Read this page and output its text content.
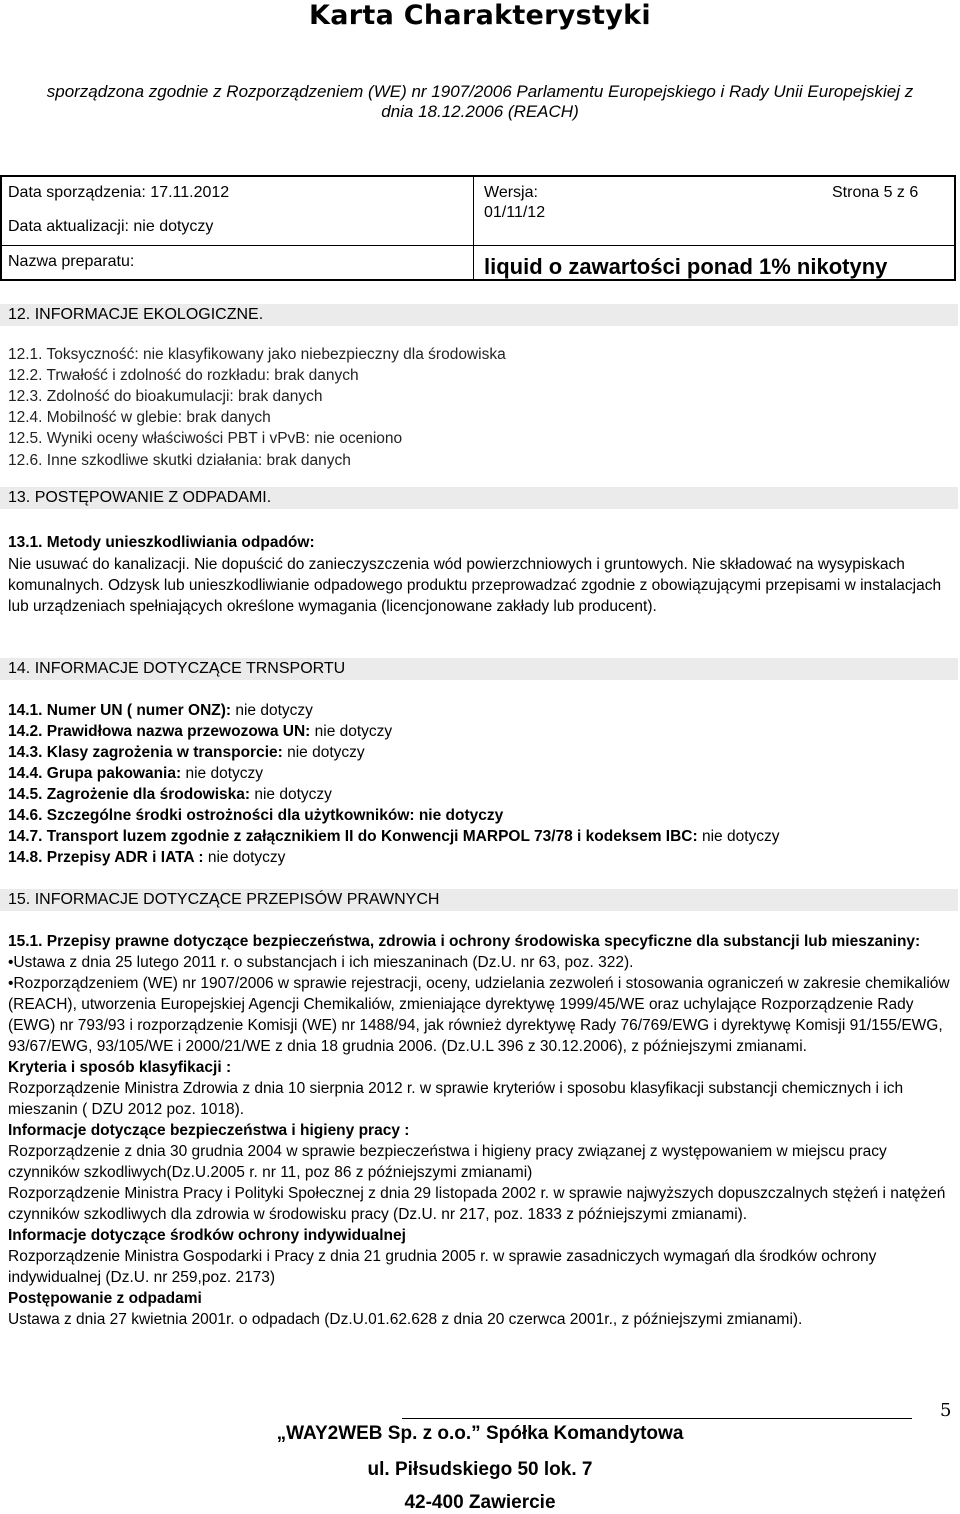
Karta Charakterystyki
sporządzona zgodnie z Rozporządzeniem (WE) nr 1907/2006 Parlamentu Europejskiego i Rady Unii Europejskiej z
dnia 18.12.2006 (REACH)
Data sporządzenia: 17.11.2012
Data aktualizacji: nie dotyczy
Wersja:
01/11/12
Strona 5 z 6
Nazwa preparatu:	liquid o zawartości ponad 1% nikotyny
12. INFORMACJE EKOLOGICZNE.
12.1. Toksyczność: nie klasyfikowany jako niebezpieczny dla środowiska
12.2. Trwałość i zdolność do rozkładu: brak danych
12.3. Zdolność do bioakumulacji: brak danych
12.4. Mobilność w glebie: brak danych
12.5. Wyniki oceny właściwości PBT i vPvB: nie oceniono
12.6. Inne szkodliwe skutki działania: brak danych
13. POSTĘPOWANIE Z ODPADAMI.
13.1. Metody unieszkodliwiania odpadów:
Nie usuwać do kanalizacji. Nie dopuścić do zanieczyszczenia wód powierzchniowych i gruntowych. Nie składować na wysypiskach komunalnych. Odzysk lub unieszkodliwianie odpadowego produktu przeprowadzać zgodnie z obowiązującymi przepisami w instalacjach lub urządzeniach spełniających określone wymagania (licencjonowane zakłady lub producent).
14. INFORMACJE DOTYCZĄCE TRNSPORTU
14.1. Numer UN ( numer ONZ): nie dotyczy
14.2. Prawidłowa nazwa przewozowa UN: nie dotyczy
14.3. Klasy zagrożenia w transporcie: nie dotyczy
14.4. Grupa pakowania: nie dotyczy
14.5. Zagrożenie dla środowiska: nie dotyczy
14.6. Szczególne środki ostrożności dla użytkowników: nie dotyczy
14.7. Transport luzem zgodnie z załącznikiem II do Konwencji MARPOL 73/78 i kodeksem IBC: nie dotyczy
14.8. Przepisy ADR i IATA : nie dotyczy
15. INFORMACJE DOTYCZĄCE PRZEPISÓW PRAWNYCH
15.1. Przepisy prawne dotyczące bezpieczeństwa, zdrowia i ochrony środowiska specyficzne dla substancji lub mieszaniny:
•Ustawa z dnia 25 lutego 2011 r. o substancjach i ich mieszaninach (Dz.U. nr 63, poz. 322).
•Rozporządzeniem (WE) nr 1907/2006 w sprawie rejestracji, oceny, udzielania zezwoleń i stosowania ograniczeń w zakresie chemikaliów (REACH), utworzenia Europejskiej Agencji Chemikaliów, zmieniające dyrektywę 1999/45/WE oraz uchylające Rozporządzenie Rady (EWG) nr 793/93 i rozporządzenie Komisji (WE) nr 1488/94, jak również dyrektywę Rady 76/769/EWG i dyrektywę Komisji 91/155/EWG, 93/67/EWG, 93/105/WE i 2000/21/WE z dnia 18 grudnia 2006. (Dz.U.L 396 z 30.12.2006), z późniejszymi zmianami.
Kryteria i sposób klasyfikacji :
Rozporządzenie Ministra Zdrowia z dnia 10 sierpnia 2012 r. w sprawie kryteriów i sposobu klasyfikacji substancji chemicznych i ich mieszanin ( DZU 2012 poz. 1018).
Informacje dotyczące bezpieczeństwa i higieny pracy :
Rozporządzenie z dnia 30 grudnia 2004 w sprawie bezpieczeństwa i higieny pracy związanej z występowaniem w miejscu pracy czynników szkodliwych(Dz.U.2005 r. nr 11, poz 86 z późniejszymi zmianami)
Rozporządzenie Ministra Pracy i Polityki Społecznej z dnia 29 listopada 2002 r. w sprawie najwyższych dopuszczalnych stężeń i natężeń czynników szkodliwych dla zdrowia w środowisku pracy (Dz.U. nr 217, poz. 1833 z późniejszymi zmianami).
Informacje dotyczące środków ochrony indywidualnej
Rozporządzenie Ministra Gospodarki i Pracy z dnia 21 grudnia 2005 r. w sprawie zasadniczych wymagań dla środków ochrony indywidualnej (Dz.U. nr 259,poz. 2173)
Postępowanie z odpadami
Ustawa z dnia 27 kwietnia 2001r. o odpadach (Dz.U.01.62.628 z dnia 20 czerwca 2001r., z późniejszymi zmianami).
5
„WAY2WEB Sp. z o.o.” Spółka Komandytowa
ul. Piłsudskiego 50 lok. 7
42-400 Zawiercie
